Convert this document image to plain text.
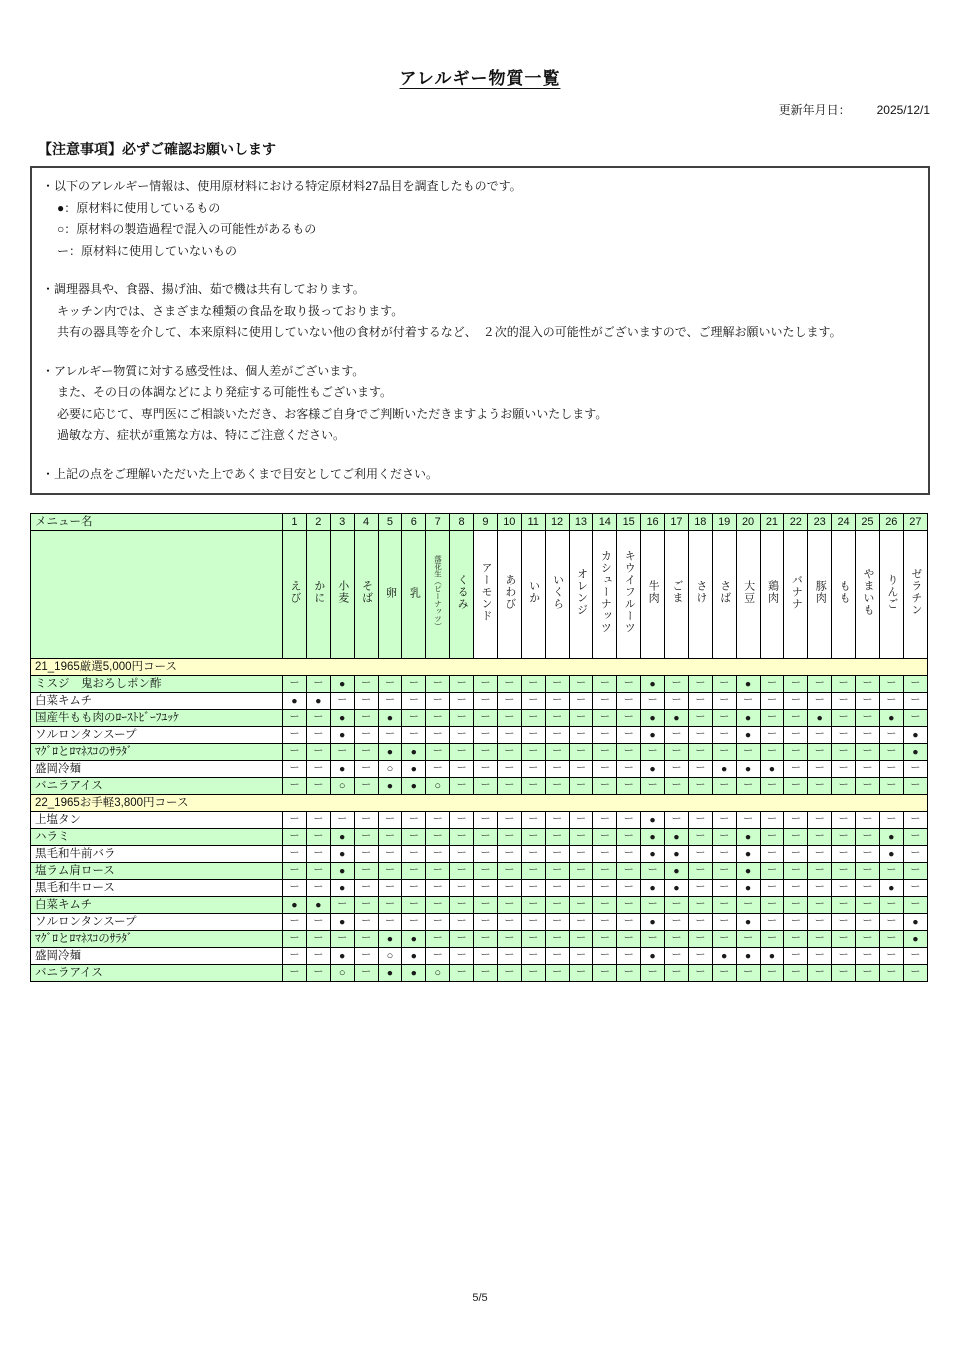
アレルギー物質一覧
更新年月日： 2025/12/1
【注意事項】必ずご確認お願いします
・以下のアレルギー情報は、使用原材料における特定原材料27品目を調査したものです。
●：原材料に使用しているもの
○：原材料の製造過程で混入の可能性があるもの
ー：原材料に使用していないもの
・調理器具や、食器、揚げ油、茹で機は共有しております。
キッチン内では、さまざまな種類の食品を取り扱っております。
共有の器具等を介して、本来原料に使用していない他の食材が付着するなど、　２次的混入の可能性がございますので、ご理解お願いいたします。
・アレルギー物質に対する感受性は、個人差がございます。
また、その日の体調などにより発症する可能性もございます。
必要に応じて、専門医にご相談いただき、お客様ご自身でご判断いただきますようお願いいたします。
過敏な方、症状が重篤な方は、特にご注意ください。
・上記の点をご理解いただいた上であくまで目安としてご利用ください。
メニュー名	1	2	3	4	5	6	7	8	9	10	11	12	13	14	15	16	17	18	19	20	21	22	23	24	25	26	27
	えび	かに	小麦	そば	卵	乳	落花生（ピーナッツ）	くるみ	アーモンド	あわび	いか	いくら	オレンジ	カシューナッツ	キウイフルーツ	牛肉	ごま	さけ	さば	大豆	鶏肉	バナナ	豚肉	もも	やまいも	りんご	ゼラチン
21_1965厳選5,000円コース																											
ミスジ　鬼おろしポン酢	ー	ー	●	ー	ー	ー	ー	ー	ー	ー	ー	ー	ー	ー	ー	●	ー	ー	ー	●	ー	ー	ー	ー	ー	ー	ー
白菜キムチ	●	●	ー	ー	ー	ー	ー	ー	ー	ー	ー	ー	ー	ー	ー	ー	ー	ー	ー	ー	ー	ー	ー	ー	ー	ー	ー
国産牛もも肉のﾛｰｽﾄﾋﾞｰﾌﾕｯｹ	ー	ー	●	ー	●	ー	ー	ー	ー	ー	ー	ー	ー	ー	ー	●	●	ー	ー	●	ー	ー	●	ー	ー	●	ー
ソルロンタンスープ	ー	ー	●	ー	ー	ー	ー	ー	ー	ー	ー	ー	ー	ー	ー	●	ー	ー	ー	●	ー	ー	ー	ー	ー	ー	●
ﾏｸﾞﾛとﾛﾏﾈｽｺのｻﾗﾀﾞ	ー	ー	ー	ー	●	●	ー	ー	ー	ー	ー	ー	ー	ー	ー	ー	ー	ー	ー	ー	ー	ー	ー	ー	ー	ー	●
盛岡冷麺	ー	ー	●	ー	○	●	ー	ー	ー	ー	ー	ー	ー	ー	ー	●	ー	ー	●	●	●	ー	ー	ー	ー	ー	ー
バニラアイス	ー	ー	○	ー	●	●	○	ー	ー	ー	ー	ー	ー	ー	ー	ー	ー	ー	ー	ー	ー	ー	ー	ー	ー	ー	ー
22_1965お手軽3,800円コース																											
上塩タン	ー	ー	ー	ー	ー	ー	ー	ー	ー	ー	ー	ー	ー	ー	ー	●	ー	ー	ー	ー	ー	ー	ー	ー	ー	ー	ー
ハラミ	ー	ー	●	ー	ー	ー	ー	ー	ー	ー	ー	ー	ー	ー	ー	●	●	ー	ー	●	ー	ー	ー	ー	ー	●	ー
黒毛和牛前バラ	ー	ー	●	ー	ー	ー	ー	ー	ー	ー	ー	ー	ー	ー	ー	●	●	ー	ー	●	ー	ー	ー	ー	ー	●	ー
塩ラム肩ロース	ー	ー	●	ー	ー	ー	ー	ー	ー	ー	ー	ー	ー	ー	ー	ー	●	ー	ー	●	ー	ー	ー	ー	ー	ー	ー
黒毛和牛ロース	ー	ー	●	ー	ー	ー	ー	ー	ー	ー	ー	ー	ー	ー	ー	●	●	ー	ー	●	ー	ー	ー	ー	ー	●	ー
白菜キムチ	●	●	ー	ー	ー	ー	ー	ー	ー	ー	ー	ー	ー	ー	ー	ー	ー	ー	ー	ー	ー	ー	ー	ー	ー	ー	ー
ソルロンタンスープ	ー	ー	●	ー	ー	ー	ー	ー	ー	ー	ー	ー	ー	ー	ー	●	ー	ー	ー	●	ー	ー	ー	ー	ー	ー	●
ﾏｸﾞﾛとﾛﾏﾈｽｺのｻﾗﾀﾞ	ー	ー	ー	ー	●	●	ー	ー	ー	ー	ー	ー	ー	ー	ー	ー	ー	ー	ー	ー	ー	ー	ー	ー	ー	ー	●
盛岡冷麺	ー	ー	●	ー	○	●	ー	ー	ー	ー	ー	ー	ー	ー	ー	●	ー	ー	●	●	●	ー	ー	ー	ー	ー	ー
バニラアイス	ー	ー	○	ー	●	●	○	ー	ー	ー	ー	ー	ー	ー	ー	ー	ー	ー	ー	ー	ー	ー	ー	ー	ー	ー	ー
5/5
